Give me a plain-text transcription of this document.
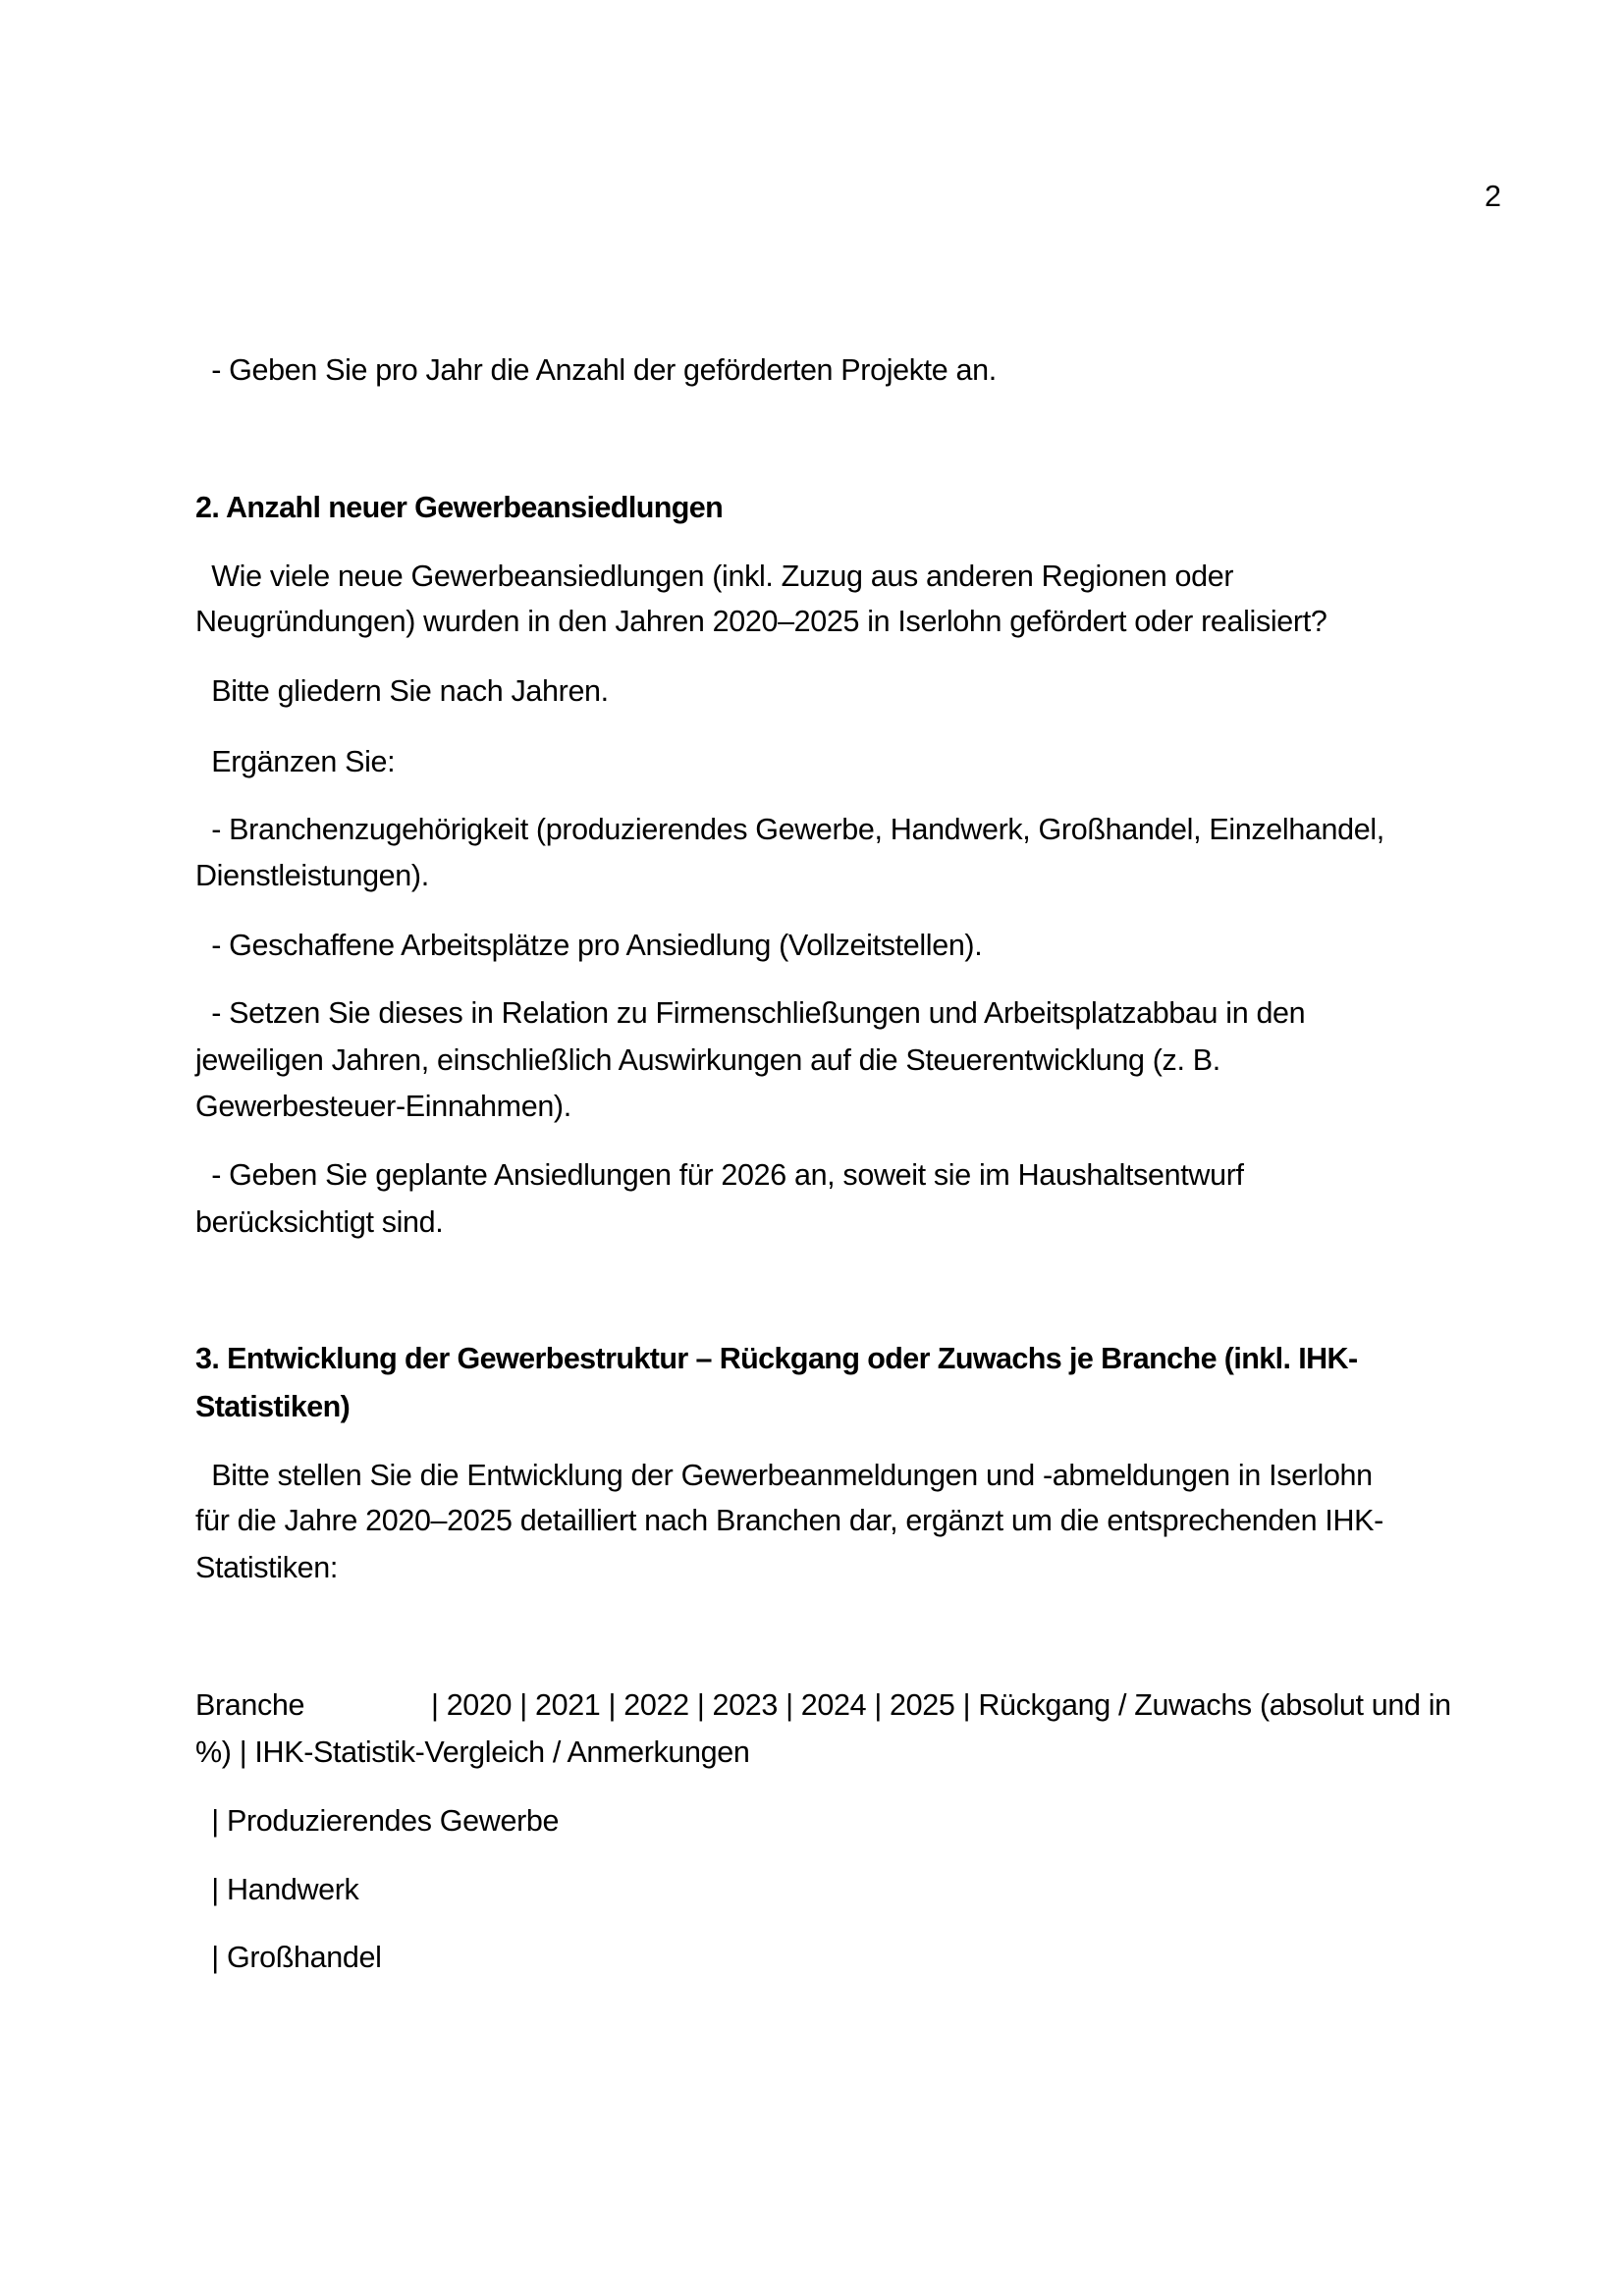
2
- Geben Sie pro Jahr die Anzahl der geförderten Projekte an.
2. Anzahl neuer Gewerbeansiedlungen
Wie viele neue Gewerbeansiedlungen (inkl. Zuzug aus anderen Regionen oder
Neugründungen) wurden in den Jahren 2020–2025 in Iserlohn gefördert oder realisiert?
Bitte gliedern Sie nach Jahren.
Ergänzen Sie:
- Branchenzugehörigkeit (produzierendes Gewerbe, Handwerk, Großhandel, Einzelhandel,
Dienstleistungen).
- Geschaffene Arbeitsplätze pro Ansiedlung (Vollzeitstellen).
- Setzen Sie dieses in Relation zu Firmenschließungen und Arbeitsplatzabbau in den
jeweiligen Jahren, einschließlich Auswirkungen auf die Steuerentwicklung (z. B.
Gewerbesteuer-Einnahmen).
- Geben Sie geplante Ansiedlungen für 2026 an, soweit sie im Haushaltsentwurf
berücksichtigt sind.
3. Entwicklung der Gewerbestruktur – Rückgang oder Zuwachs je Branche (inkl. IHK-
Statistiken)
Bitte stellen Sie die Entwicklung der Gewerbeanmeldungen und -abmeldungen in Iserlohn
für die Jahre 2020–2025 detailliert nach Branchen dar, ergänzt um die entsprechenden IHK-
Statistiken:
Branche	| 2020 | 2021 | 2022 | 2023 | 2024 | 2025 | Rückgang / Zuwachs (absolut und in
%) | IHK-Statistik-Vergleich / Anmerkungen
| Produzierendes Gewerbe
| Handwerk
| Großhandel
